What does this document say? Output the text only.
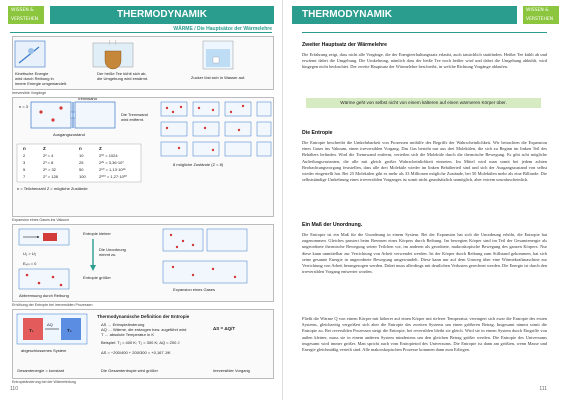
WISSEN & VERSTEHEN	THERMODYNAMIK
WÄRME / Die Hauptsätze der Wärmelehre
Kinetische Energie
wird durch Reibung in
innere Energie umgewandelt.
Der heiße Tee kühlt sich ab,
die Umgebung wird erwärmt.	Zucker löst sich in Wasser auf.
Irreversible Vorgänge
n = 3
Trennwand
Ausgangszustand
Die Trennwand
wird entfernt.
n	Z	n	Z
2	2² = 4	10	2¹⁰ = 1024
3	2³ = 8	25	2²⁵ = 3,36·10⁷
5	2⁵ = 32	50	2⁵⁰ = 1,13·10¹⁵
7	2⁷ = 128	100	2¹⁰⁰ = 1,27·10³⁰
n = Teilchenzahl Z = mögliche Zustände
8 mögliche Zustände (Z = 8)
Expansion eines Gases ins Vakuum
U₁ > U₂
Eₖᵢₙ = 0
Entropie kleiner
Die Unordnung
nimmt zu.
Entropie größer
Abbremsung durch Reibung
Expansion eines Gases
Erhöhung der Entropie bei irreversiblen Prozessen
T₁	T₂
ΔQ
abgeschlossenes System
Gesamtenergie = konstant
Thermodynamische Definition der Entropie
ΔS … Entropieänderung
ΔQ … Wärme, die entzogen bzw. zugeführt wird
T … absolute Temperatur in K
Beispiel: T₁ = 400 K; T₂ = 300 K; ΔQ = 200 J
ΔS = ΔQ/T
ΔS = −200/400 + 200/300 = +0,167 J/K
Die Gesamtentropie wird größer	irreversibler Vorgang
Entropieänderung bei der Wärmeleitung
110
THERMODYNAMIK	WISSEN & VERSTEHEN
Zweiter Hauptsatz der Wärmelehre
Die Erfahrung zeigt, dass nicht alle Vorgänge, die der Energieerhaltungssatz erlaubt, auch tatsächlich stattfinden. Heißer Tee kühlt ab und erwärmt dabei die Umgebung. Die Umkehrung, nämlich dass der heiße Tee noch heißer wird und dabei die Umgebung abkühlt, wird hingegen nicht beobachtet. Der zweite Hauptsatz der Wärmelehre beschreibt, in welche Richtung Vorgänge ablaufen.
Wärme geht von selbst nicht von einem kälteren auf einen wärmeren Körper über.
Die Entropie
Die Entropie beschreibt die Umkehrbarkeit von Prozessen mithilfe des Begriffs der Wahrscheinlichkeit. Wir betrachten die Expansion eines Gases ins Vakuum, einen irreversiblen Vorgang. Das Gas besteht nur aus drei Molekülen, die sich zu Beginn im linken Teil des Behälters befinden. Wird die Trennwand entfernt, verteilen sich die Moleküle durch die thermische Bewegung. Es gibt acht mögliche Aufteilungsvarianten, die alle mit gleich großer Wahrscheinlichkeit eintreten. Im Mittel wird man somit bei jedem achten Beobachtungsvorgang feststellen, dass alle drei Moleküle wieder im linken Behälterteil sind und sich der Ausgangszustand von selbst wieder eingestellt hat. Bei 25 Molekülen gibt es mehr als 33 Millionen mögliche Zustände, bei 50 Molekülen mehr als eine Billiarde. Die selbstständige Umkehrung eines irreversiblen Vorganges ist somit nicht grundsätzlich unmöglich, aber extrem unwahrscheinlich.
Ein Maß der Unordnung.
Die Entropie ist ein Maß für die Unordnung in einem System. Bei der Expansion hat sich die Unordnung erhöht, die Entropie hat zugenommen. Gleiches passiert beim Bremsen eines Körpers durch Reibung. Im bewegten Körper sind im Teil der Gesamtenergie als ungeordnete thermische Bewegung seiner Teilchen vor, im anderen als geordnete, makroskopische Bewegung des ganzen Körpers. Nur diese kann unmittelbar zur Verrichtung von Arbeit verwendet werden. Ist der Körper durch Reibung zum Stillstand gekommen, hat sich seine gesamte Energie in ungeordnete Bewegung umgewandelt. Diese kann nur auf dem Umweg über eine Wärmekraftmaschine zur Verrichtung von Arbeit herangezogen werden. Dabei muss allerdings mit deutlichen Verlusten gerechnet werden. Die Energie ist durch den irreversiblen Vorgang entwertet worden.
Fließt die Wärme Q von einem Körper mit höherer auf einen Körper mit tieferer Temperatur, verringert sich zwar die Entropie des ersten Systems, gleichzeitig vergrößert sich aber die Entropie des zweiten Systems um einen größeren Betrag. Insgesamt nimmt somit die Entropie zu. Bei reversiblen Prozessen steigt die Entropie, bei reversiblen bleibt sie gleich. Wird sie in einem System durch Eingriffe von außen kleiner, muss sie in einem anderen System mindestens um den gleichen Betrag größer werden. Die Entropie des Universums insgesamt wird immer größer. Man spricht auch vom Entropietod des Universums. Die Entropie ist dann am größten, wenn Masse und Energie gleichmäßig verteilt sind. Alle makroskopischen Prozesse kommen dann zum Erliegen.
111
